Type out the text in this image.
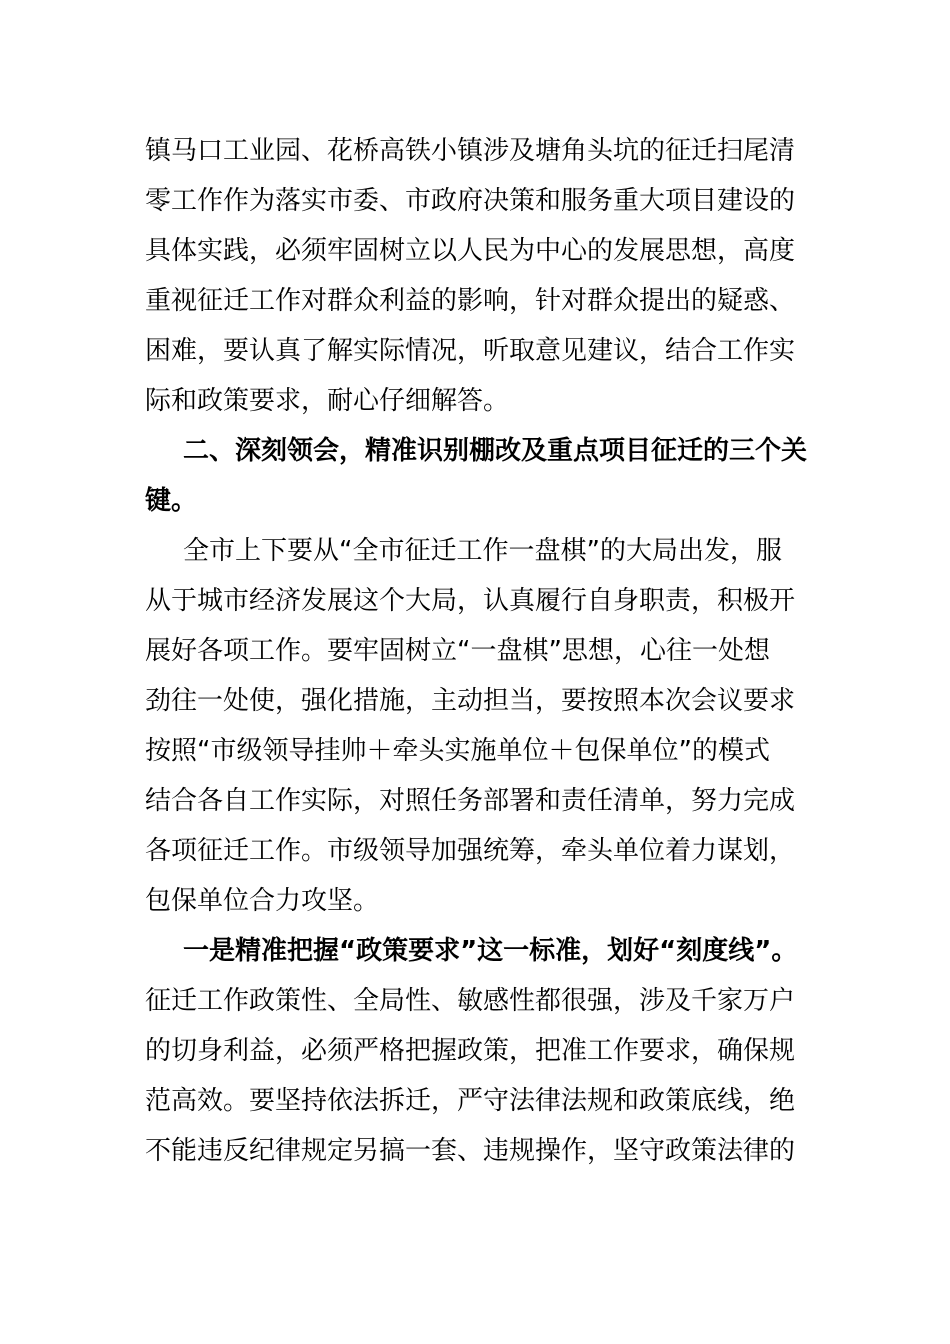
镇马口工业园、花桥高铁小镇涉及塘角头坑的征迁扫尾清
零工作作为落实市委、市政府决策和服务重大项目建设的
具体实践，必须牢固树立以人民为中心的发展思想，高度
重视征迁工作对群众利益的影响，针对群众提出的疑惑、
困难，要认真了解实际情况，听取意见建议，结合工作实
际和政策要求，耐心仔细解答。
二、深刻领会，精准识别棚改及重点项目征迁的三个关
键。
全市上下要从“全市征迁工作一盘棋”的大局出发，服
从于城市经济发展这个大局，认真履行自身职责，积极开
展好各项工作。要牢固树立“一盘棋”思想，心往一处想
劲往一处使，强化措施，主动担当，要按照本次会议要求
按照“市级领导挂帅＋牵头实施单位＋包保单位”的模式
结合各自工作实际，对照任务部署和责任清单，努力完成
各项征迁工作。市级领导加强统筹，牵头单位着力谋划，
包保单位合力攻坚。
一是精准把握“政策要求”这一标准，划好“刻度线”。
征迁工作政策性、全局性、敏感性都很强，涉及千家万户
的切身利益，必须严格把握政策，把准工作要求，确保规
范高效。要坚持依法拆迁，严守法律法规和政策底线，绝
不能违反纪律规定另搞一套、违规操作，坚守政策法律的
